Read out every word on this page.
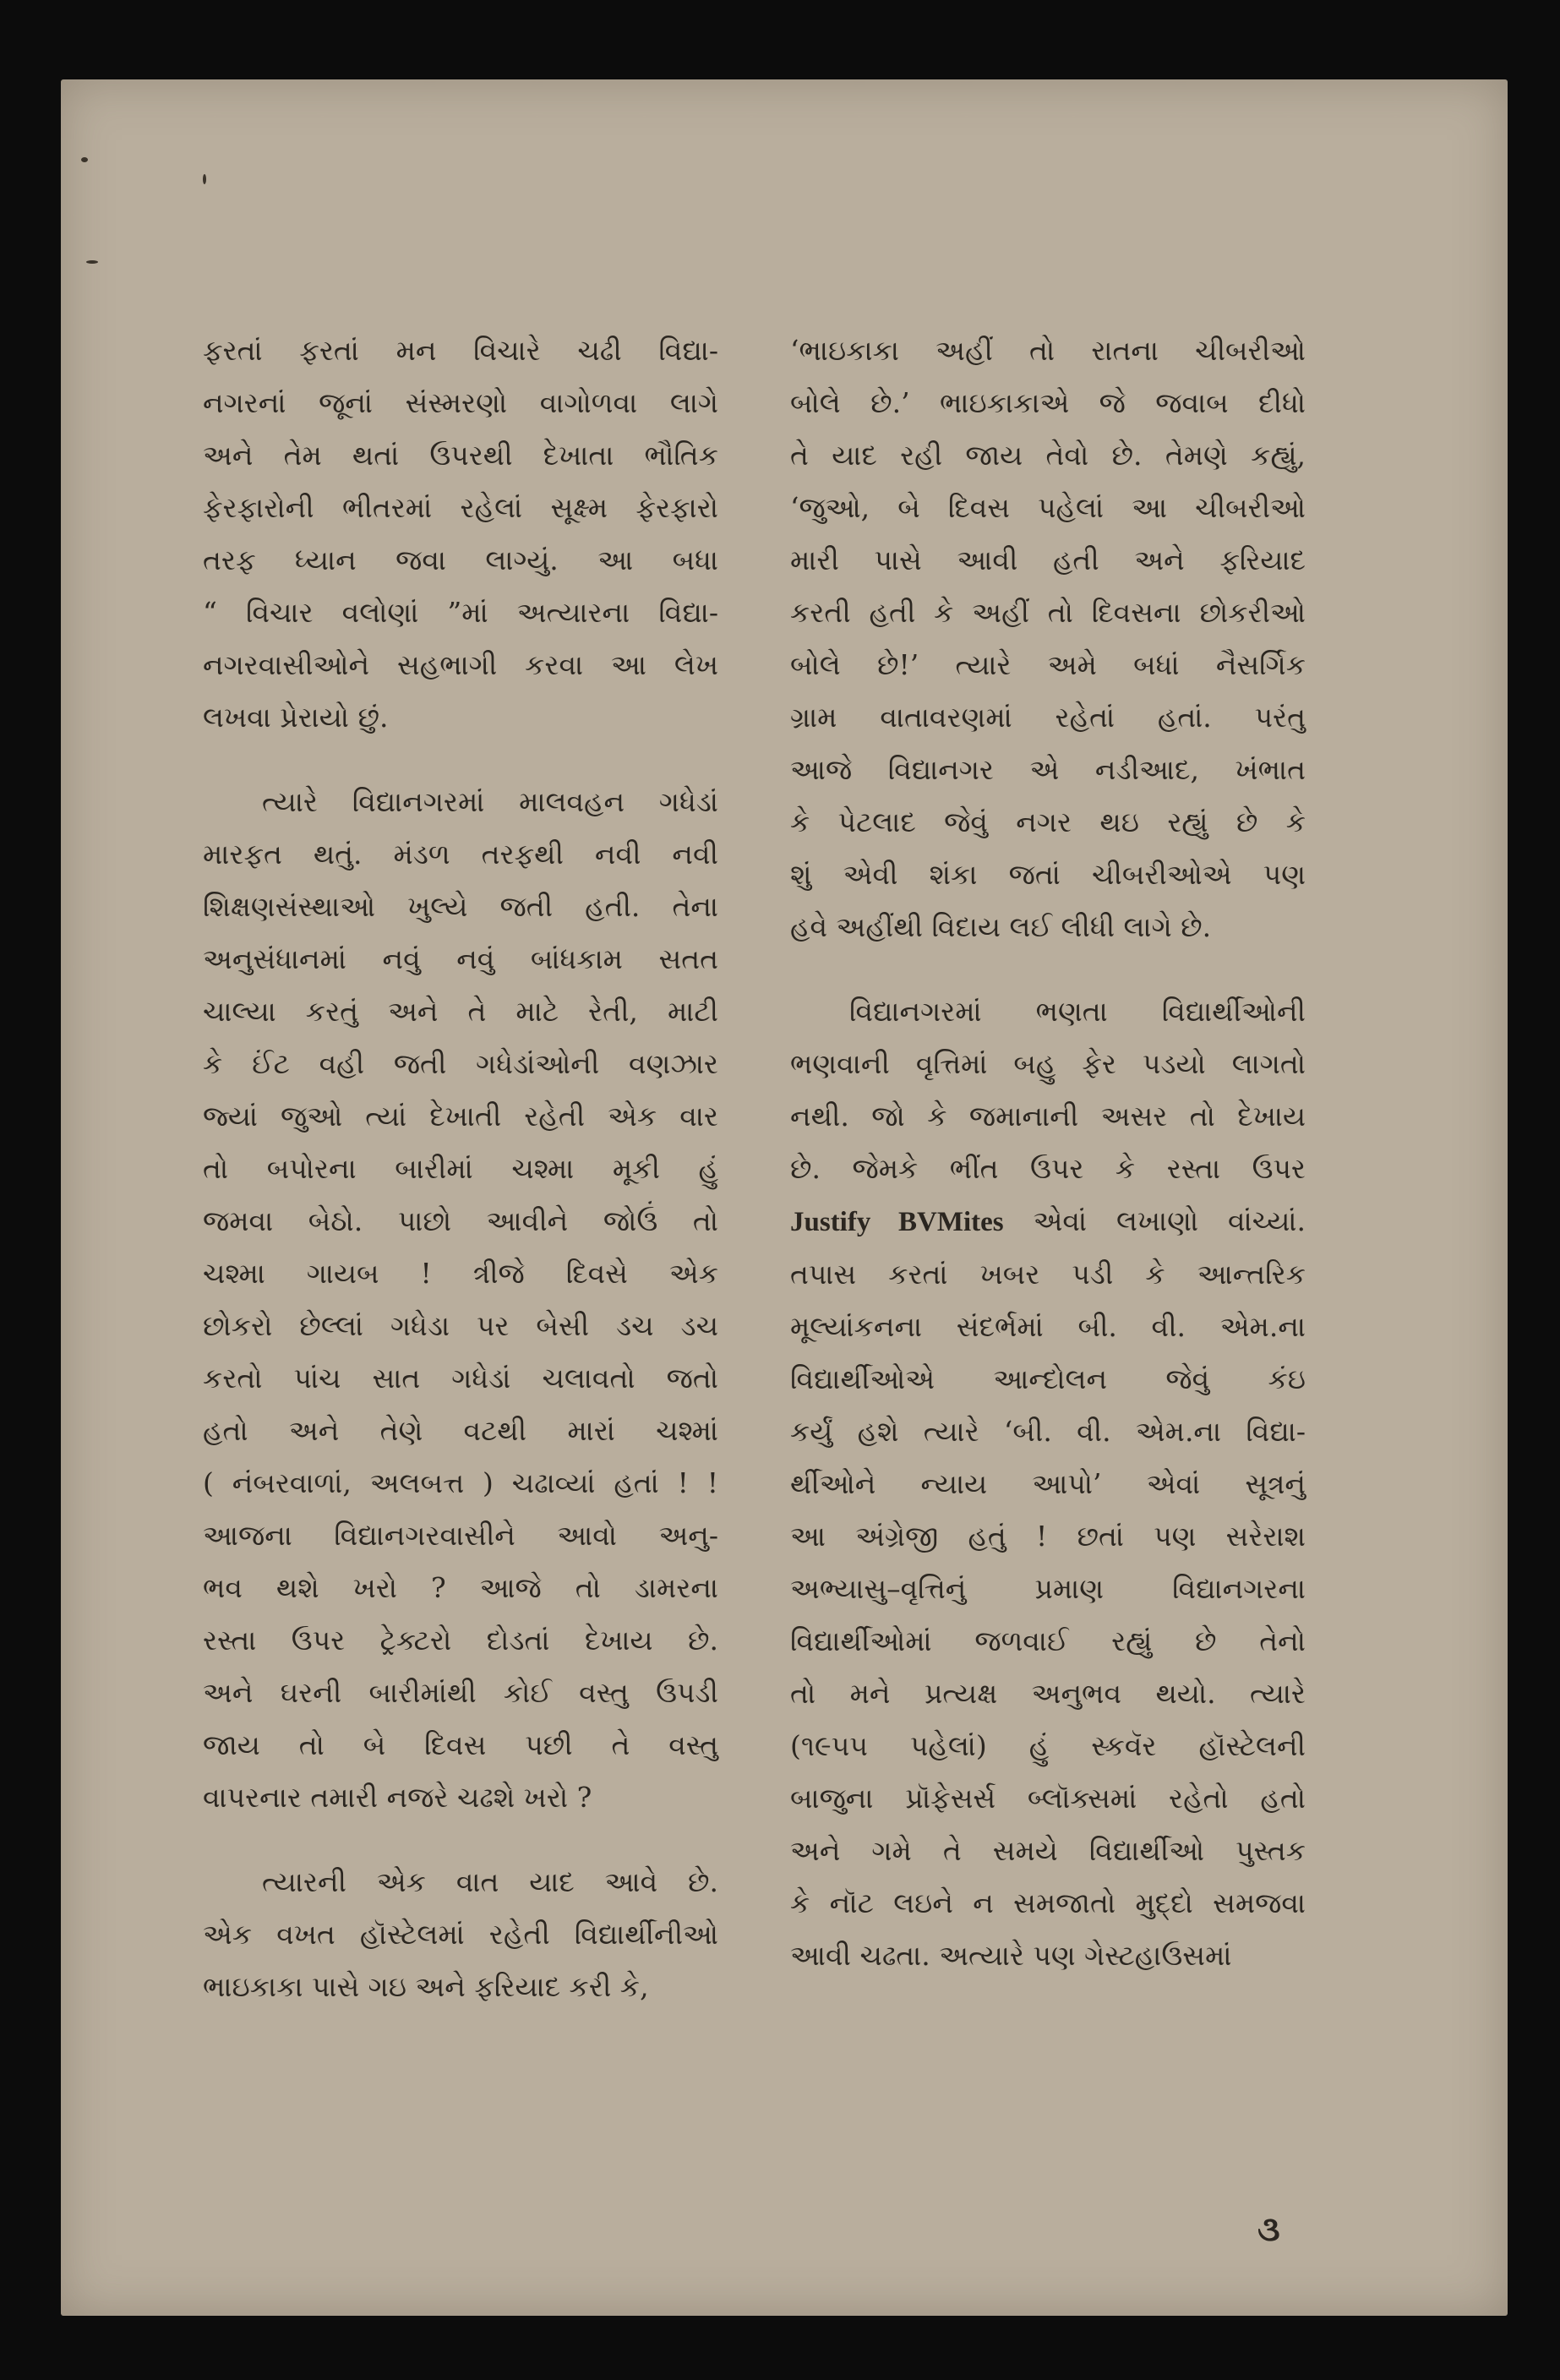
ફરતાં ફરતાં મન વિચારે ચઢી વિદ્યા-
નગરનાં જૂનાં સંસ્મરણો વાગોળવા લાગે
અને તેમ થતાં ઉપરથી દેખાતા ભૌતિક
ફેરફારોની ભીતરમાં રહેલાં સૂક્ષ્મ ફેરફારો
તરફ ધ્યાન જવા લાગ્યું. આ બધા
“ વિચાર વલોણાં ”માં અત્યારના વિદ્યા-
નગરવાસીઓને સહભાગી કરવા આ લેખ
લખવા પ્રેરાયો છું.
ત્યારે વિદ્યાનગરમાં માલવહન ગધેડાં
મારફત થતું. મંડળ તરફથી નવી નવી
શિક્ષણસંસ્થાઓ ખુલ્યે જતી હતી. તેના
અનુસંધાનમાં નવું નવું બાંધકામ સતત
ચાલ્યા કરતું અને તે માટે રેતી, માટી
કે ઈંટ વહી જતી ગધેડાંઓની વણઝાર
જ્યાં જુઓ ત્યાં દેખાતી રહેતી એક વાર
તો બપોરના બારીમાં ચશ્મા મૂકી હું
જમવા બેઠો. પાછો આવીને જોઉં તો
ચશ્મા ગાયબ ! ત્રીજે દિવસે એક
છોકરો છેલ્લાં ગધેડા પર બેસી ડચ ડચ
કરતો પાંચ સાત ગધેડાં ચલાવતો જતો
હતો અને તેણે વટથી મારાં ચશ્માં
( નંબરવાળાં, અલબત્ત ) ચઢાવ્યાં હતાં ! !
આજના વિદ્યાનગરવાસીને આવો અનુ-
ભવ થશે ખરો ? આજે તો ડામરના
રસ્તા ઉપર ટ્રેક્ટરો દોડતાં દેખાય છે.
અને ઘરની બારીમાંથી કોઈ વસ્તુ ઉપડી
જાય તો બે દિવસ પછી તે વસ્તુ
વાપરનાર તમારી નજરે ચઢશે ખરો ?
ત્યારની એક વાત યાદ આવે છે.
એક વખત હૉસ્ટેલમાં રહેતી વિદ્યાર્થીનીઓ
ભાઇકાકા પાસે ગઇ અને ફરિયાદ કરી કે,
‘ભાઇકાકા અહીં તો રાતના ચીબરીઓ
બોલે છે.’ ભાઇકાકાએ જે જવાબ દીધો
તે યાદ રહી જાય તેવો છે. તેમણે કહ્યું,
‘જુઓ, બે દિવસ પહેલાં આ ચીબરીઓ
મારી પાસે આવી હતી અને ફરિયાદ
કરતી હતી કે અહીં તો દિવસના છોકરીઓ
બોલે છે!’ ત્યારે અમે બધાં નૈસર્ગિક
ગ્રામ વાતાવરણમાં રહેતાં હતાં. પરંતુ
આજે વિદ્યાનગર એ નડીઆદ, ખંભાત
કે પેટલાદ જેવું નગર થઇ રહ્યું છે કે
શું એવી શંકા જતાં ચીબરીઓએ પણ
હવે અહીંથી વિદાય લઈ લીધી લાગે છે.
વિદ્યાનગરમાં ભણતા વિદ્યાર્થીઓની
ભણવાની વૃત્તિમાં બહુ ફેર પડયો લાગતો
નથી. જો કે જમાનાની અસર તો દેખાય
છે. જેમકે ભીંત ઉપર કે રસ્તા ઉપર
Justify BVMites એવાં લખાણો વાંચ્યાં.
તપાસ કરતાં ખબર પડી કે આન્તરિક
મૂલ્યાંકનના સંદર્ભમાં બી. વી. એમ.ના
વિદ્યાર્થીઓએ આન્દોલન જેવું કંઇ
કર્યું હશે ત્યારે ‘બી. વી. એમ.ના વિદ્યા-
ર્થીઓને ન્યાય આપો’ એવાં સૂત્રનું
આ અંગ્રેજી હતું ! છતાં પણ સરેરાશ
અભ્યાસુ–વૃત્તિનું પ્રમાણ વિદ્યાનગરના
વિદ્યાર્થીઓમાં જળવાઈ રહ્યું છે તેનો
તો મને પ્રત્યક્ષ અનુભવ થયો. ત્યારે
(૧૯૫૫ પહેલાં) હું સ્કવૅર હૉસ્ટેલની
બાજુના પ્રૉફેસર્સ બ્લૉક્સમાં રહેતો હતો
અને ગમે તે સમયે વિદ્યાર્થીઓ પુસ્તક
કે નૉટ લઇને ન સમજાતો મુદ્દો સમજવા
આવી ચઢતા. અત્યારે પણ ગેસ્ટહાઉસમાં
૩
